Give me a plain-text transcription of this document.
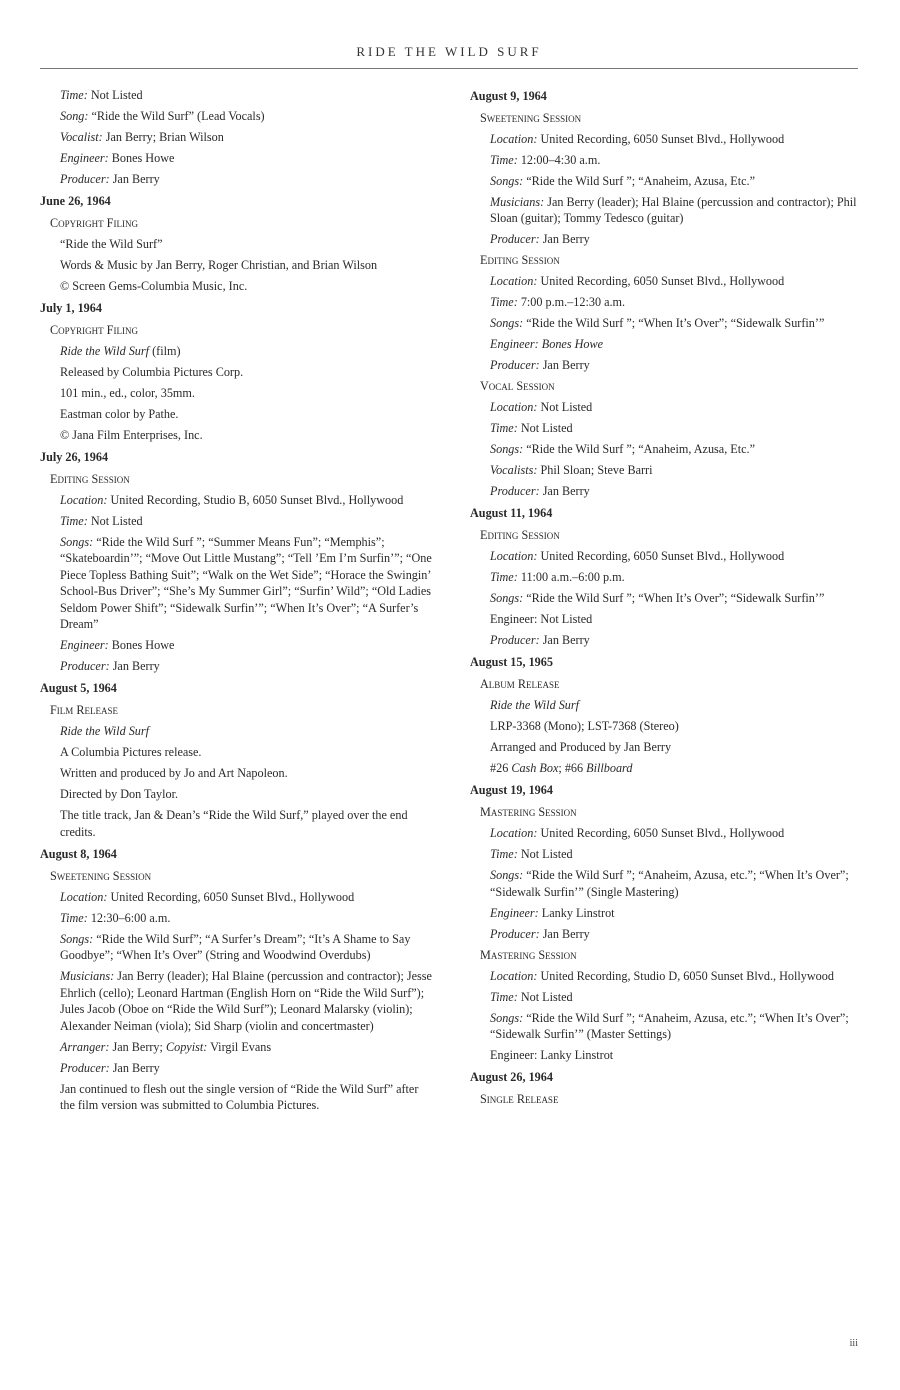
RIDE THE WILD SURF

Time: Not Listed

Song: “Ride the Wild Surf” (Lead Vocals)

Vocalist: Jan Berry; Brian Wilson

Engineer: Bones Howe

Producer: Jan Berry

June 26, 1964

Copyright Filing

“Ride the Wild Surf”

Words & Music by Jan Berry, Roger Christian, and Brian Wilson

© Screen Gems-Columbia Music, Inc.

July 1, 1964

Copyright Filing

Ride the Wild Surf (film)

Released by Columbia Pictures Corp.

101 min., ed., color, 35mm.

Eastman color by Pathe.

© Jana Film Enterprises, Inc.

July 26, 1964

Editing Session

Location: United Recording, Studio B, 6050 Sunset Blvd., Hollywood

Time: Not Listed

Songs: “Ride the Wild Surf ”; “Summer Means Fun”; “Memphis”; “Skateboardin’”; “Move Out Little Mustang”; “Tell ’Em I’m Surfin’”; “One Piece Topless Bathing Suit”; “Walk on the Wet Side”; “Horace the Swingin’ School-Bus Driver”; “She’s My Summer Girl”; “Surfin’ Wild”; “Old Ladies Seldom Power Shift”; “Sidewalk Surfin’”; “When It’s Over”; “A Surfer’s Dream”

Engineer: Bones Howe

Producer: Jan Berry

August 5, 1964

Film Release

Ride the Wild Surf

A Columbia Pictures release.

Written and produced by Jo and Art Napoleon.

Directed by Don Taylor.

The title track, Jan & Dean’s “Ride the Wild Surf,” played over the end credits.

August 8, 1964

Sweetening Session

Location: United Recording, 6050 Sunset Blvd., Hollywood

Time: 12:30–6:00 a.m.

Songs: “Ride the Wild Surf”; “A Surfer’s Dream”; “It’s A Shame to Say Goodbye”; “When It’s Over” (String and Woodwind Overdubs)

Musicians: Jan Berry (leader); Hal Blaine (percussion and contractor); Jesse Ehrlich (cello); Leonard Hartman (English Horn on “Ride the Wild Surf”); Jules Jacob (Oboe on “Ride the Wild Surf”); Leonard Malarsky (violin); Alexander Neiman (viola); Sid Sharp (violin and concertmaster)

Arranger: Jan Berry; Copyist: Virgil Evans

Producer: Jan Berry

Jan continued to flesh out the single version of “Ride the Wild Surf” after the film version was submitted to Columbia Pictures.

August 9, 1964

Sweetening Session

Location: United Recording, 6050 Sunset Blvd., Hollywood

Time: 12:00–4:30 a.m.

Songs: “Ride the Wild Surf ”; “Anaheim, Azusa, Etc.”

Musicians: Jan Berry (leader); Hal Blaine (percussion and contractor); Phil Sloan (guitar); Tommy Tedesco (guitar)

Producer: Jan Berry

Editing Session

Location: United Recording, 6050 Sunset Blvd., Hollywood

Time: 7:00 p.m.–12:30 a.m.

Songs: “Ride the Wild Surf ”; “When It’s Over”; “Sidewalk Surfin’”

Engineer: Bones Howe

Producer: Jan Berry

Vocal Session

Location: Not Listed

Time: Not Listed

Songs: “Ride the Wild Surf ”; “Anaheim, Azusa, Etc.”

Vocalists: Phil Sloan; Steve Barri

Producer: Jan Berry

August 11, 1964

Editing Session

Location: United Recording, 6050 Sunset Blvd., Hollywood

Time: 11:00 a.m.–6:00 p.m.

Songs: “Ride the Wild Surf ”; “When It’s Over”; “Sidewalk Surfin’”

Engineer: Not Listed

Producer: Jan Berry

August 15, 1965

Album Release

Ride the Wild Surf

LRP-3368 (Mono); LST-7368 (Stereo)

Arranged and Produced by Jan Berry

#26 Cash Box; #66 Billboard

August 19, 1964

Mastering Session

Location: United Recording, 6050 Sunset Blvd., Hollywood

Time: Not Listed

Songs: “Ride the Wild Surf ”; “Anaheim, Azusa, etc.”; “When It’s Over”; “Sidewalk Surfin’” (Single Mastering)

Engineer: Lanky Linstrot

Producer: Jan Berry

Mastering Session

Location: United Recording, Studio D, 6050 Sunset Blvd., Hollywood

Time: Not Listed

Songs: “Ride the Wild Surf ”; “Anaheim, Azusa, etc.”; “When It’s Over”; “Sidewalk Surfin’” (Master Settings)

Engineer: Lanky Linstrot

August 26, 1964

Single Release

iii
